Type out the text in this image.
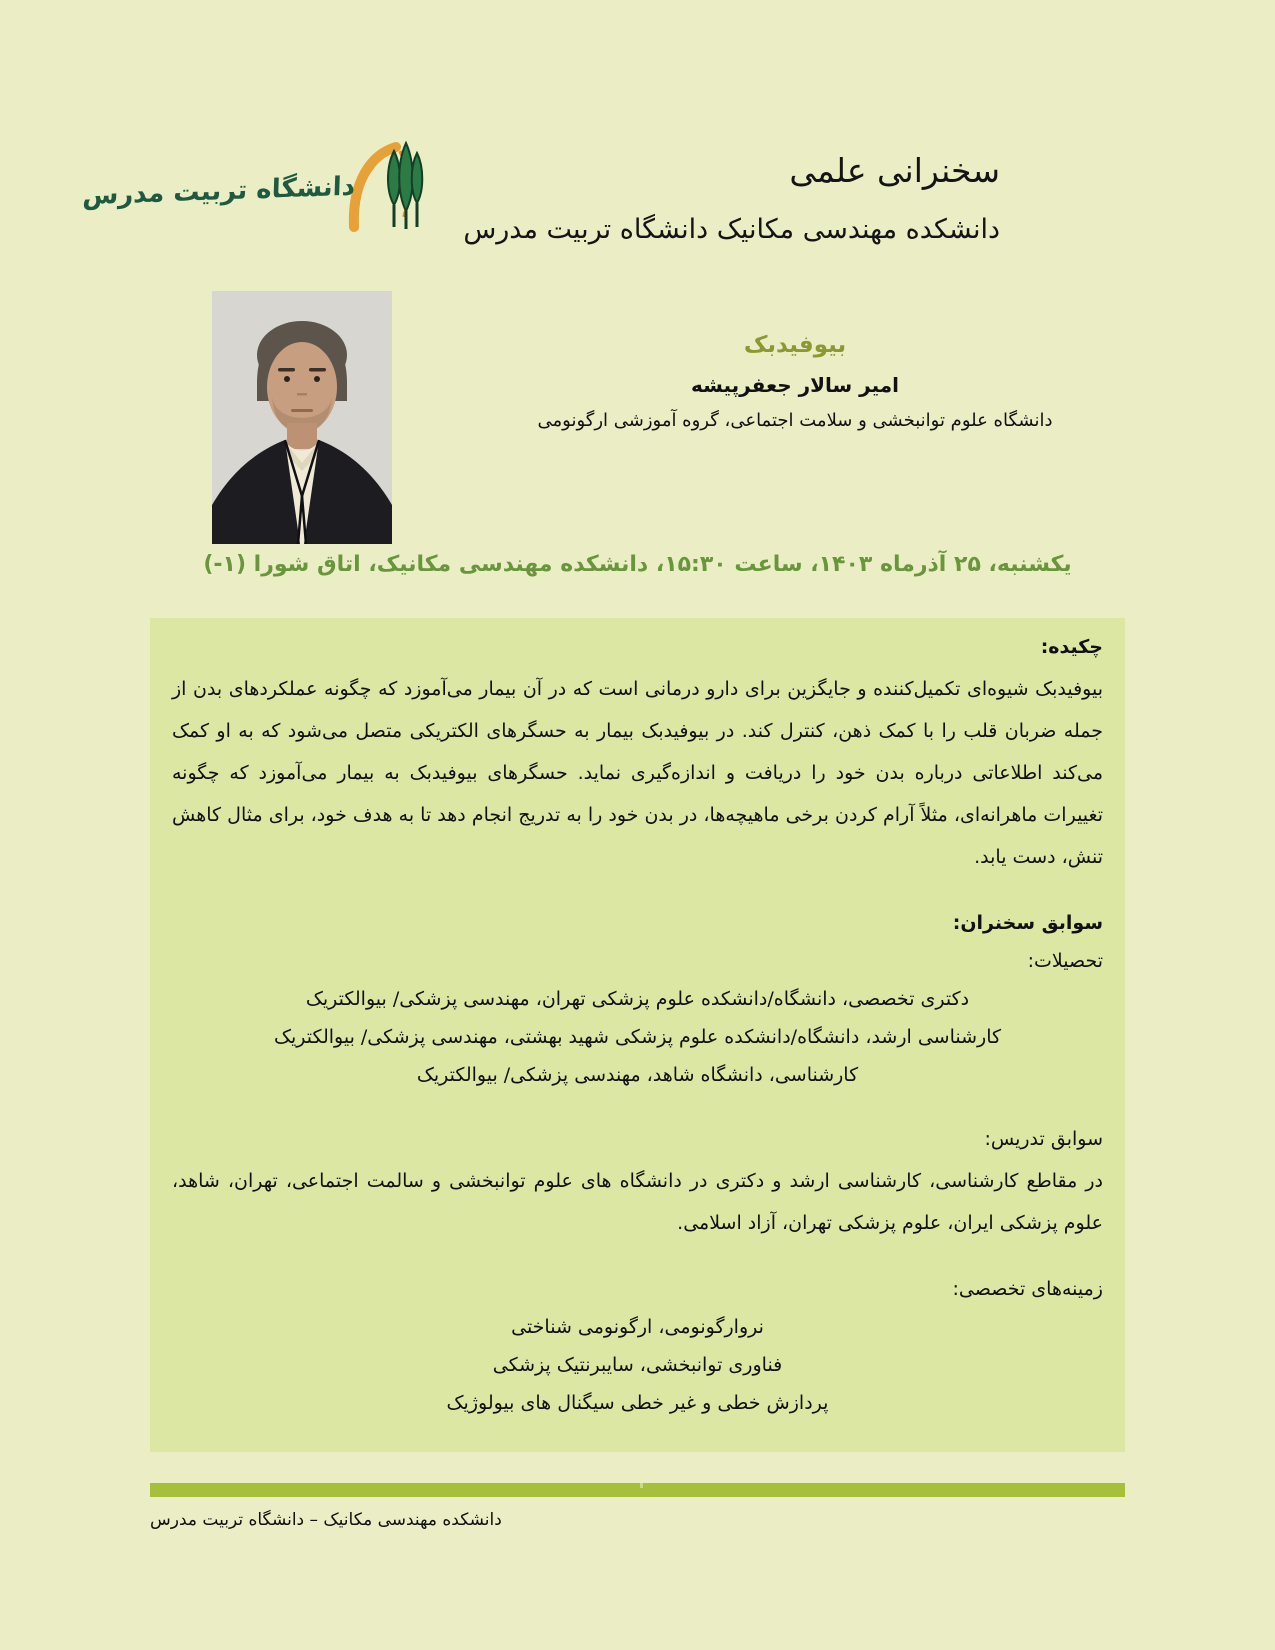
دانشگاه تربیت مدرس
سخنرانی علمی
دانشکده مهندسی مکانیک دانشگاه تربیت مدرس
بیوفیدبک
امیر سالار جعفرپیشه
دانشگاه علوم توانبخشی و سلامت اجتماعی، گروه آموزشی ارگونومی
یکشنبه، ۲۵ آذرماه ۱۴۰۳، ساعت ۱۵:۳۰، دانشکده مهندسی مکانیک، اتاق شورا (۱-)
چکیده:

بیوفیدبک شیوه‌ای تکمیل‌کننده و جایگزین برای دارو درمانی است که در آن بیمار می‌آموزد که چگونه عملکردهای بدن از جمله ضربان قلب را با کمک ذهن، کنترل کند. در بیوفیدبک بیمار به حسگرهای الکتریکی متصل می‌شود که به او کمک می‌کند اطلاعاتی درباره بدن خود را دریافت و اندازه‌گیری نماید. حسگرهای بیوفیدبک به بیمار می‌آموزد که چگونه تغییرات ماهرانه‌ای، مثلاً آرام کردن برخی ماهیچه‌ها، در بدن خود را به تدریج انجام دهد تا به هدف خود، برای مثال کاهش تنش، دست یابد.

سوابق سخنران:
تحصیلات:
دکتری تخصصی، دانشگاه/دانشکده علوم پزشکی تهران، مهندسی پزشکی/ بیوالکتریک
کارشناسی ارشد، دانشگاه/دانشکده علوم پزشکی شهید بهشتی، مهندسی پزشکی/ بیوالکتریک
کارشناسی، دانشگاه شاهد، مهندسی پزشکی/ بیوالکتریک
سوابق تدریس:

در مقاطع کارشناسی، کارشناسی ارشد و دکتری در دانشگاه های علوم توانبخشی و سالمت اجتماعی، تهران، شاهد، علوم پزشکی ایران، علوم پزشکی تهران، آزاد اسلامی.

زمینه‌های تخصصی:
نروارگونومی، ارگونومی شناختی
فناوری توانبخشی، سایبرنتیک پزشکی
پردازش خطی و غیر خطی سیگنال های بیولوژیک
دانشکده مهندسی مکانیک – دانشگاه تربیت مدرس
